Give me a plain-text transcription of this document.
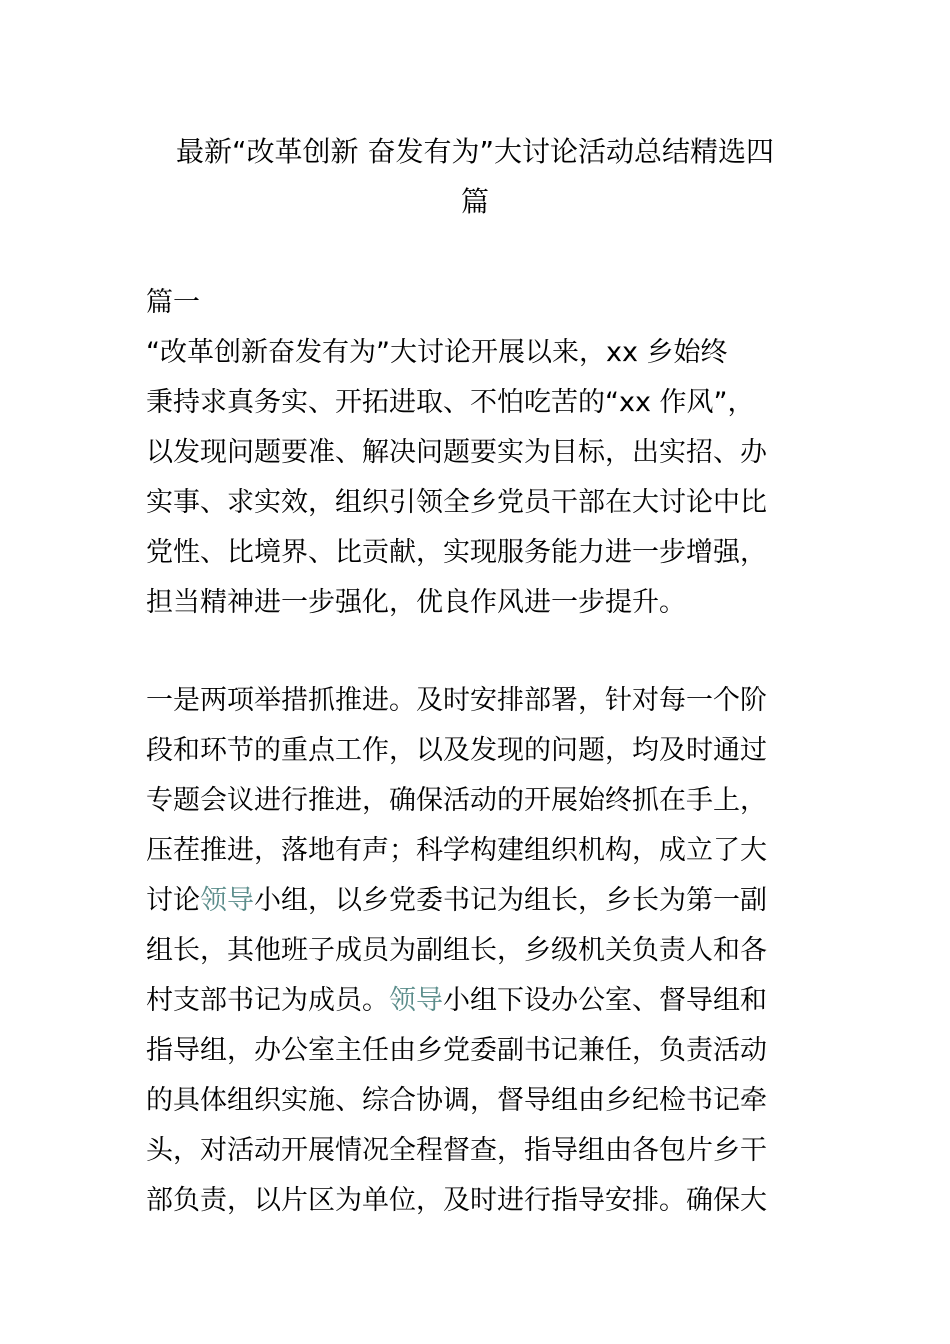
最新“改革创新 奋发有为”大讨论活动总结精选四
篇
篇一
“改革创新奋发有为”大讨论开展以来，xx 乡始终
秉持求真务实、开拓进取、不怕吃苦的“xx 作风”，
以发现问题要准、解决问题要实为目标，出实招、办
实事、求实效，组织引领全乡党员干部在大讨论中比
党性、比境界、比贡献，实现服务能力进一步增强，
担当精神进一步强化，优良作风进一步提升。
一是两项举措抓推进。及时安排部署，针对每一个阶
段和环节的重点工作，以及发现的问题，均及时通过
专题会议进行推进，确保活动的开展始终抓在手上，
压茬推进，落地有声；科学构建组织机构，成立了大
讨论领导小组，以乡党委书记为组长，乡长为第一副
组长，其他班子成员为副组长，乡级机关负责人和各
村支部书记为成员。领导小组下设办公室、督导组和
指导组，办公室主任由乡党委副书记兼任，负责活动
的具体组织实施、综合协调，督导组由乡纪检书记牵
头，对活动开展情况全程督查，指导组由各包片乡干
部负责，以片区为单位，及时进行指导安排。确保大
